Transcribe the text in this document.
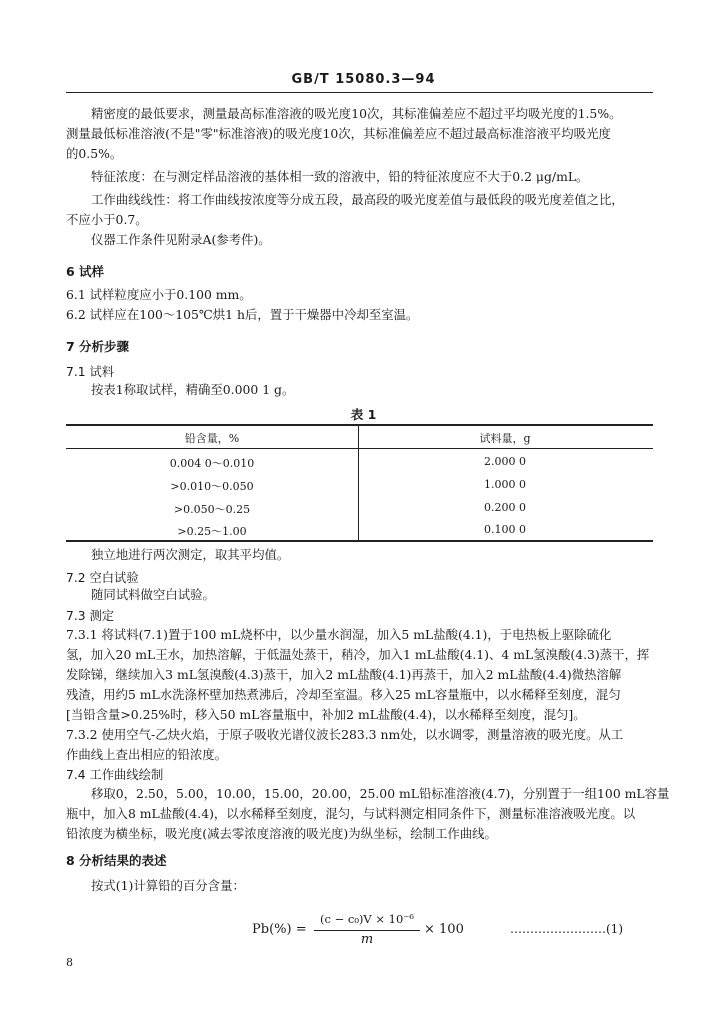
GB/T 15080.3—94
精密度的最低要求，测量最高标准溶液的吸光度10次，其标准偏差应不超过平均吸光度的1.5%。
测量最低标准溶液(不是"零"标准溶液)的吸光度10次，其标准偏差应不超过最高标准溶液平均吸光度
的0.5%。
特征浓度：在与测定样品溶液的基体相一致的溶液中，铅的特征浓度应不大于0.2 μg/mL。
工作曲线线性：将工作曲线按浓度等分成五段，最高段的吸光度差值与最低段的吸光度差值之比，
不应小于0.7。
仪器工作条件见附录A(参考件)。
6 试样
6.1 试样粒度应小于0.100 mm。
6.2 试样应在100～105℃烘1 h后，置于干燥器中冷却至室温。
7 分析步骤
7.1 试料
按表1称取试样，精确至0.000 1 g。
表 1
铅含量，%	试料量，g
0.004 0～0.010	2.000 0
>0.010～0.050	1.000 0
>0.050～0.25	0.200 0
>0.25～1.00	0.100 0
独立地进行两次测定，取其平均值。
7.2 空白试验
随同试料做空白试验。
7.3 测定
7.3.1 将试料(7.1)置于100 mL烧杯中，以少量水润湿，加入5 mL盐酸(4.1)，于电热板上驱除硫化
氢，加入20 mL王水，加热溶解，于低温处蒸干，稍冷，加入1 mL盐酸(4.1)、4 mL氢溴酸(4.3)蒸干，挥
发除锑，继续加入3 mL氢溴酸(4.3)蒸干，加入2 mL盐酸(4.1)再蒸干，加入2 mL盐酸(4.4)微热溶解
残渣，用约5 mL水洗涤杯壁加热煮沸后，冷却至室温。移入25 mL容量瓶中，以水稀释至刻度，混匀
[当铅含量>0.25%时，移入50 mL容量瓶中，补加2 mL盐酸(4.4)，以水稀释至刻度，混匀]。
7.3.2 使用空气-乙炔火焰，于原子吸收光谱仪波长283.3 nm处，以水调零，测量溶液的吸光度。从工
作曲线上查出相应的铅浓度。
7.4 工作曲线绘制
移取0，2.50，5.00，10.00，15.00，20.00，25.00 mL铅标准溶液(4.7)，分别置于一组100 mL容量
瓶中，加入8 mL盐酸(4.4)，以水稀释至刻度，混匀，与试料测定相同条件下，测量标准溶液吸光度。以
铅浓度为横坐标，吸光度(减去零浓度溶液的吸光度)为纵坐标，绘制工作曲线。
8 分析结果的表述
按式(1)计算铅的百分含量：
Pb(%) =
(c − c₀)V × 10⁻⁶
m
× 100	……………………(1)
8
